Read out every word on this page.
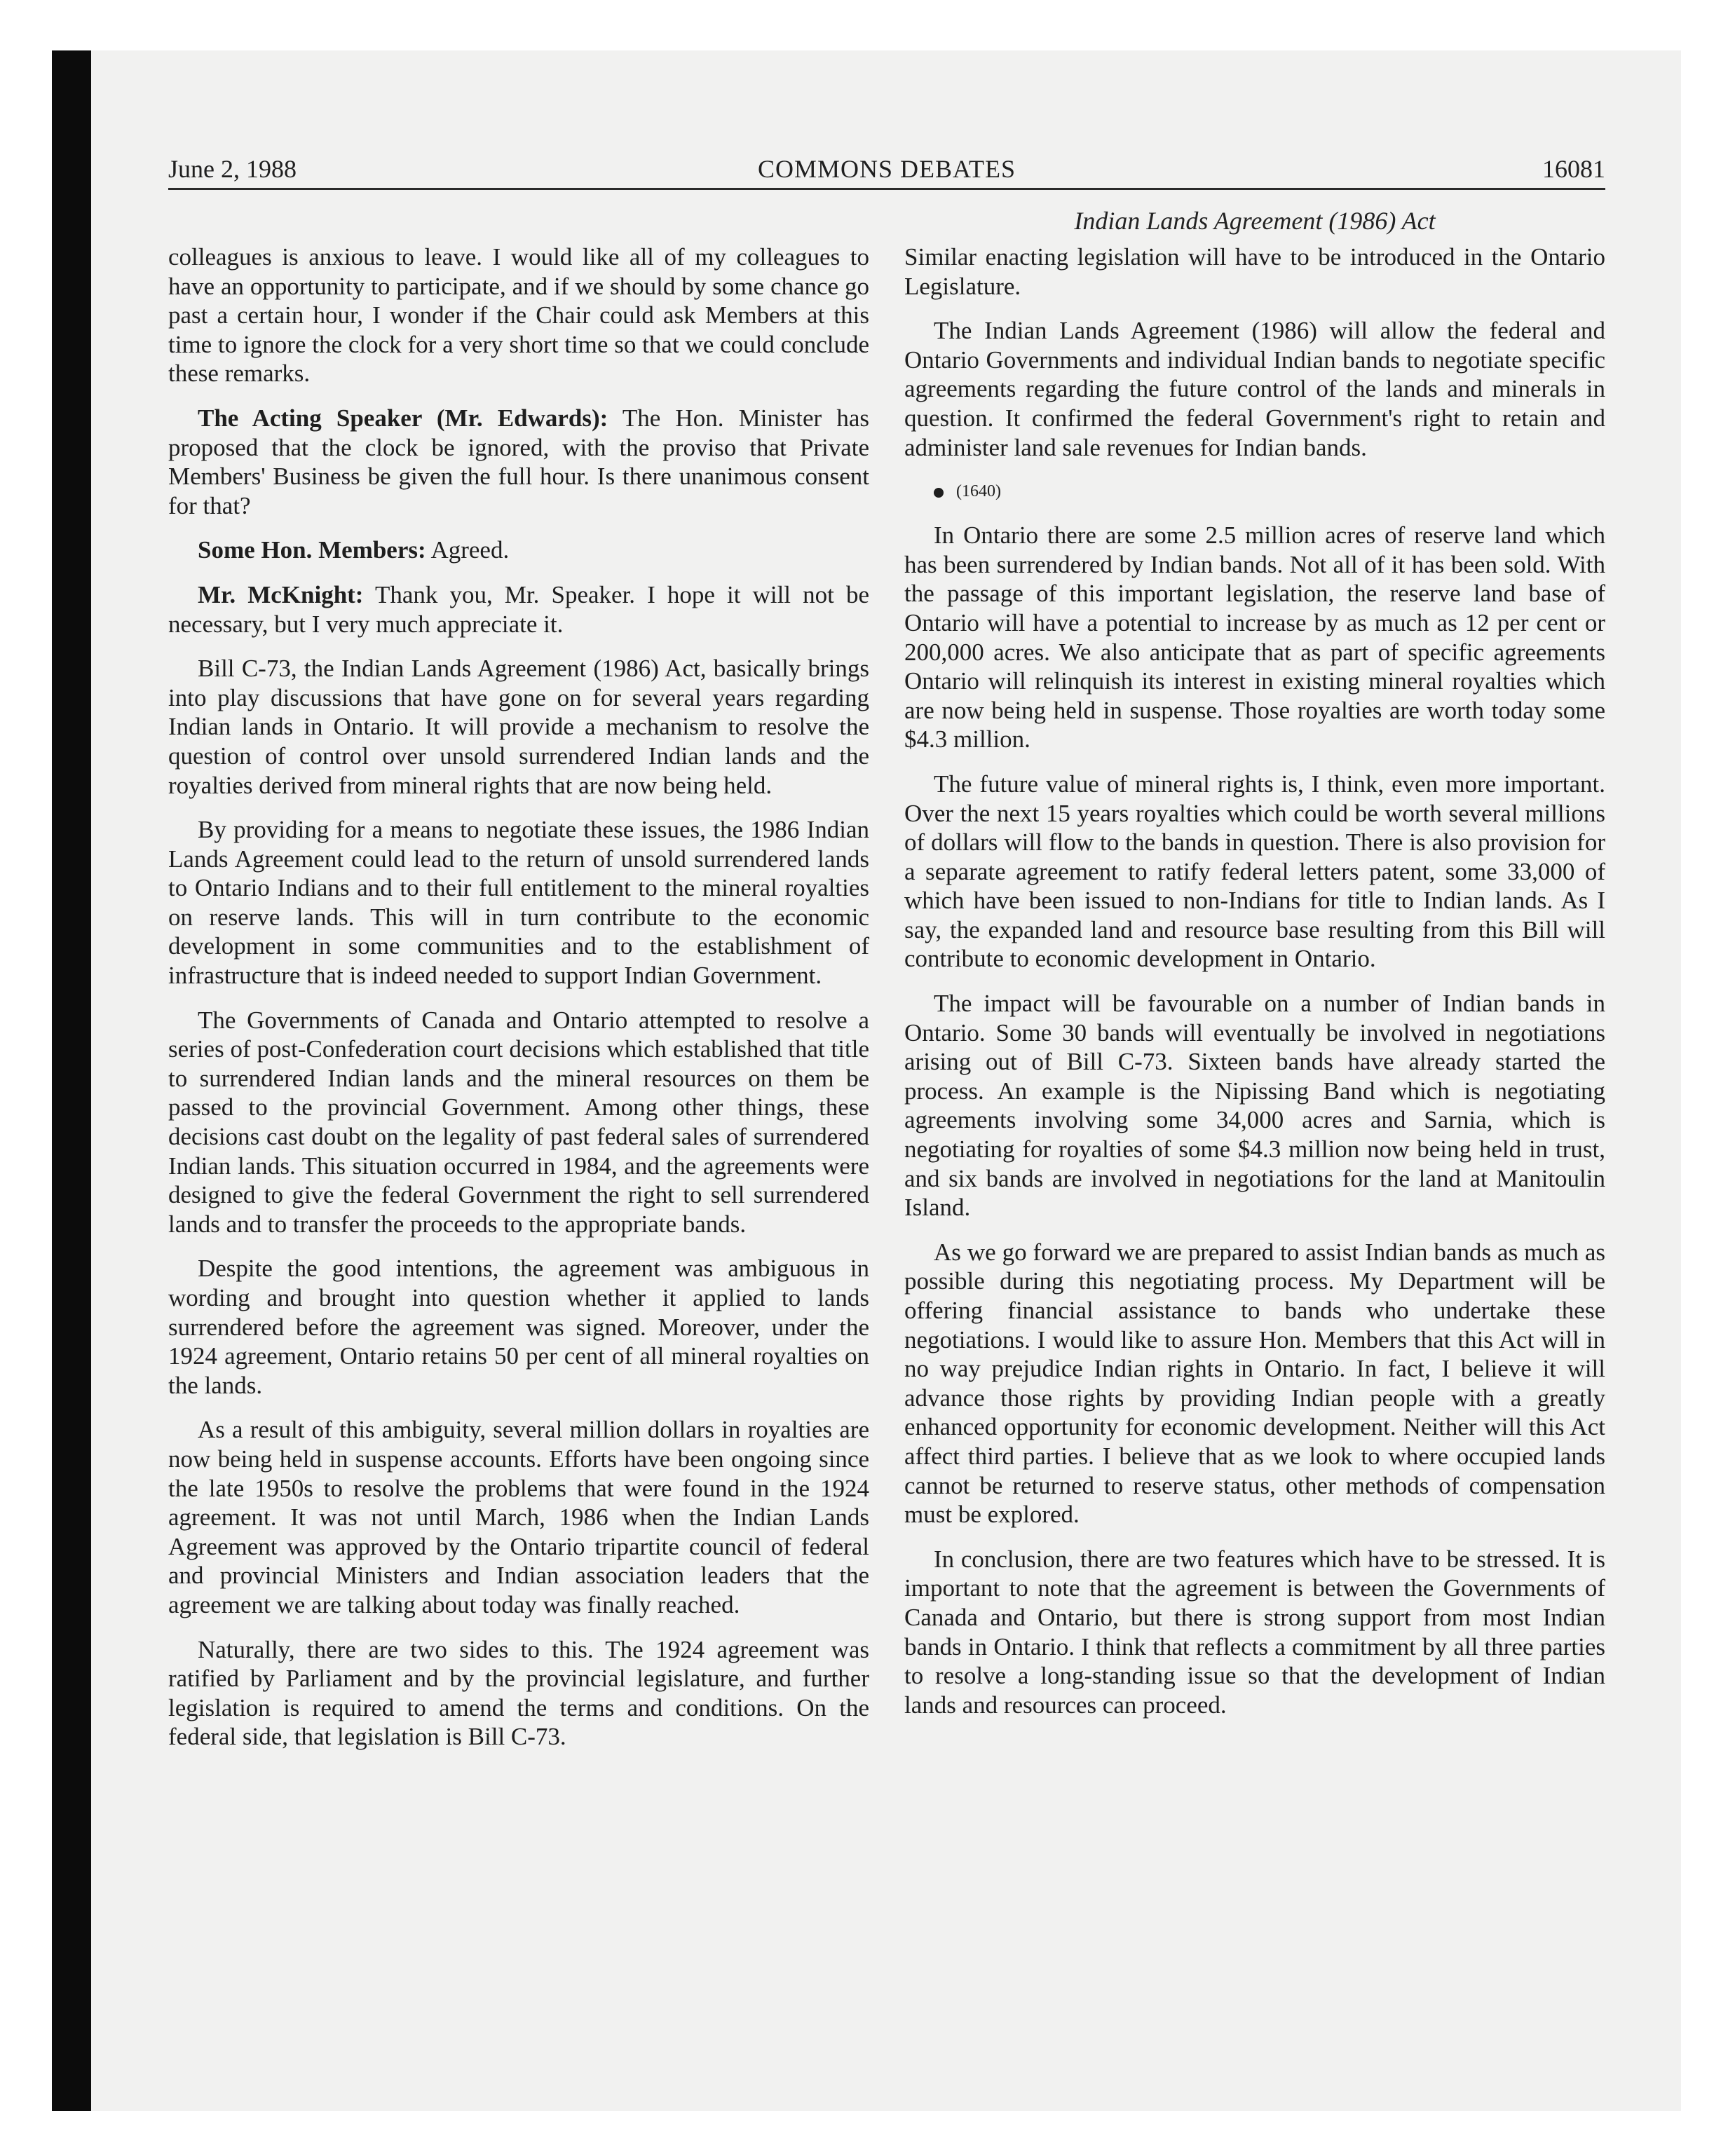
June 2, 1988	COMMONS DEBATES	16081
Indian Lands Agreement (1986) Act

colleagues is anxious to leave. I would like all of my colleagues to have an opportunity to participate, and if we should by some chance go past a certain hour, I wonder if the Chair could ask Members at this time to ignore the clock for a very short time so that we could conclude these remarks.

The Acting Speaker (Mr. Edwards): The Hon. Minister has proposed that the clock be ignored, with the proviso that Private Members' Business be given the full hour. Is there unanimous consent for that?

Some Hon. Members: Agreed.

Mr. McKnight: Thank you, Mr. Speaker. I hope it will not be necessary, but I very much appreciate it.

Bill C-73, the Indian Lands Agreement (1986) Act, basically brings into play discussions that have gone on for several years regarding Indian lands in Ontario. It will provide a mechanism to resolve the question of control over unsold surrendered Indian lands and the royalties derived from mineral rights that are now being held.

By providing for a means to negotiate these issues, the 1986 Indian Lands Agreement could lead to the return of unsold surrendered lands to Ontario Indians and to their full entitlement to the mineral royalties on reserve lands. This will in turn contribute to the economic development in some communities and to the establishment of infrastructure that is indeed needed to support Indian Government.

The Governments of Canada and Ontario attempted to resolve a series of post-Confederation court decisions which established that title to surrendered Indian lands and the mineral resources on them be passed to the provincial Government. Among other things, these decisions cast doubt on the legality of past federal sales of surrendered Indian lands. This situation occurred in 1984, and the agreements were designed to give the federal Government the right to sell surrendered lands and to transfer the proceeds to the appropriate bands.

Despite the good intentions, the agreement was ambiguous in wording and brought into question whether it applied to lands surrendered before the agreement was signed. Moreover, under the 1924 agreement, Ontario retains 50 per cent of all mineral royalties on the lands.

As a result of this ambiguity, several million dollars in royalties are now being held in suspense accounts. Efforts have been ongoing since the late 1950s to resolve the problems that were found in the 1924 agreement. It was not until March, 1986 when the Indian Lands Agreement was approved by the Ontario tripartite council of federal and provincial Ministers and Indian association leaders that the agreement we are talking about today was finally reached.

Naturally, there are two sides to this. The 1924 agreement was ratified by Parliament and by the provincial legislature, and further legislation is required to amend the terms and conditions. On the federal side, that legislation is Bill C-73.

Similar enacting legislation will have to be introduced in the Ontario Legislature.

The Indian Lands Agreement (1986) will allow the federal and Ontario Governments and individual Indian bands to negotiate specific agreements regarding the future control of the lands and minerals in question. It confirmed the federal Government's right to retain and administer land sale revenues for Indian bands.

(1640)

In Ontario there are some 2.5 million acres of reserve land which has been surrendered by Indian bands. Not all of it has been sold. With the passage of this important legislation, the reserve land base of Ontario will have a potential to increase by as much as 12 per cent or 200,000 acres. We also anticipate that as part of specific agreements Ontario will relinquish its interest in existing mineral royalties which are now being held in suspense. Those royalties are worth today some $4.3 million.

The future value of mineral rights is, I think, even more important. Over the next 15 years royalties which could be worth several millions of dollars will flow to the bands in question. There is also provision for a separate agreement to ratify federal letters patent, some 33,000 of which have been issued to non-Indians for title to Indian lands. As I say, the expanded land and resource base resulting from this Bill will contribute to economic development in Ontario.

The impact will be favourable on a number of Indian bands in Ontario. Some 30 bands will eventually be involved in negotiations arising out of Bill C-73. Sixteen bands have already started the process. An example is the Nipissing Band which is negotiating agreements involving some 34,000 acres and Sarnia, which is negotiating for royalties of some $4.3 million now being held in trust, and six bands are involved in negotiations for the land at Manitoulin Island.

As we go forward we are prepared to assist Indian bands as much as possible during this negotiating process. My Department will be offering financial assistance to bands who undertake these negotiations. I would like to assure Hon. Members that this Act will in no way prejudice Indian rights in Ontario. In fact, I believe it will advance those rights by providing Indian people with a greatly enhanced opportunity for economic development. Neither will this Act affect third parties. I believe that as we look to where occupied lands cannot be returned to reserve status, other methods of compensation must be explored.

In conclusion, there are two features which have to be stressed. It is important to note that the agreement is between the Governments of Canada and Ontario, but there is strong support from most Indian bands in Ontario. I think that reflects a commitment by all three parties to resolve a long-standing issue so that the development of Indian lands and resources can proceed.
